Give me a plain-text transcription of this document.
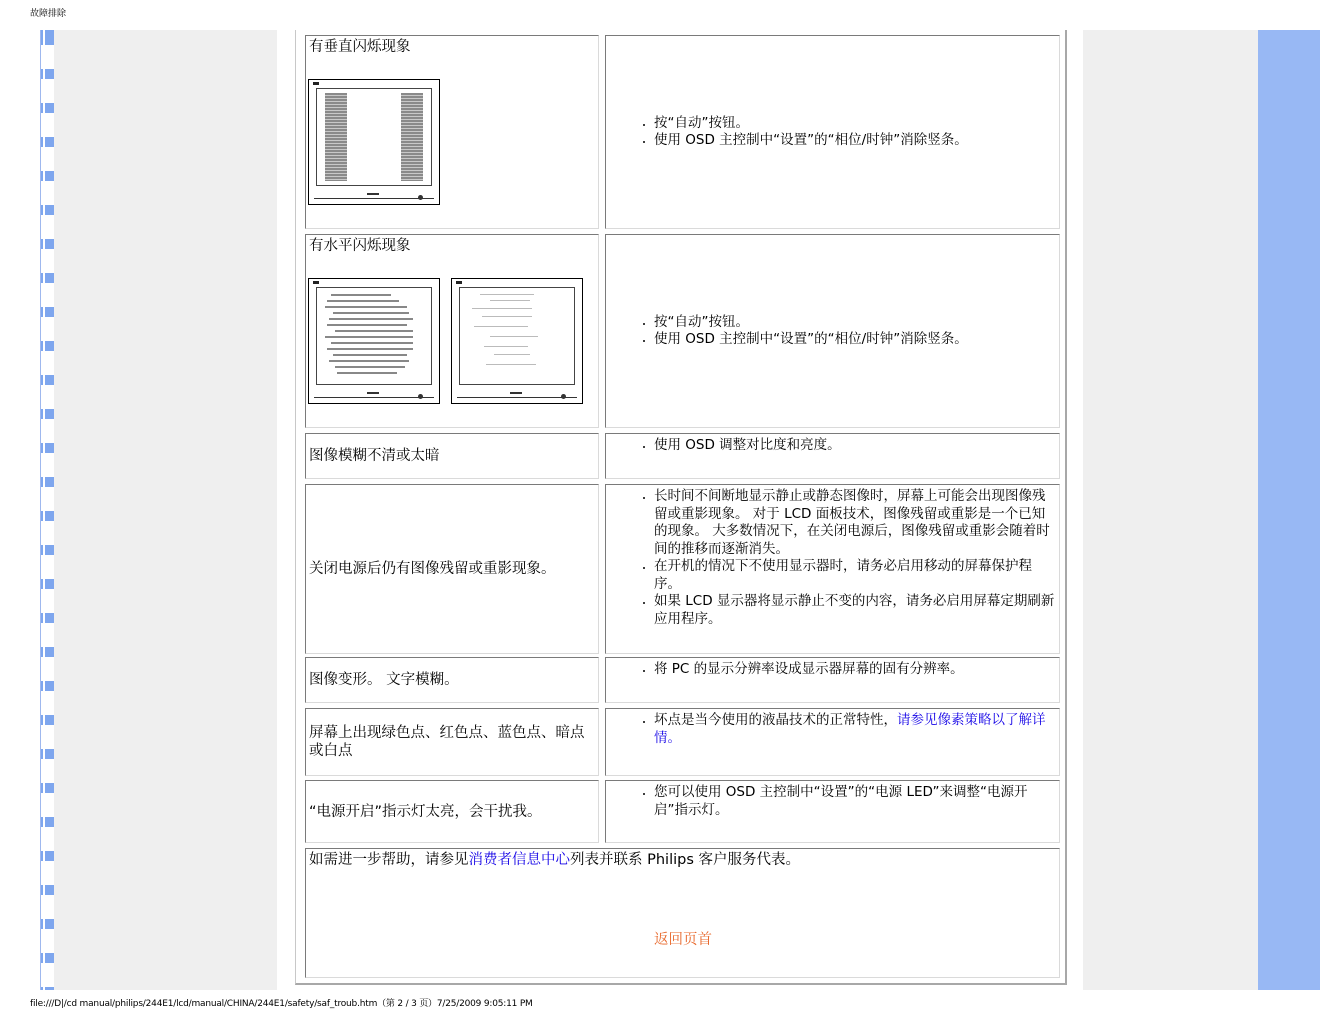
故障排除
有垂直闪烁现象
• 按“自动”按钮。
• 使用 OSD 主控制中“设置”的“相位/时钟”消除竖条。
有水平闪烁现象
• 按“自动”按钮。
• 使用 OSD 主控制中“设置”的“相位/时钟”消除竖条。
图像模糊不清或太暗
• 使用 OSD 调整对比度和亮度。
关闭电源后仍有图像残留或重影现象。
• 长时间不间断地显示静止或静态图像时，屏幕上可能会出现图像残留或重影现象。 对于 LCD 面板技术，图像残留或重影是一个已知的现象。 大多数情况下，在关闭电源后，图像残留或重影会随着时间的推移而逐渐消失。
• 在开机的情况下不使用显示器时，请务必启用移动的屏幕保护程序。
• 如果 LCD 显示器将显示静止不变的内容，请务必启用屏幕定期刷新应用程序。
图像变形。 文字模糊。
• 将 PC 的显示分辨率设成显示器屏幕的固有分辨率。
屏幕上出现绿色点、红色点、蓝色点、暗点或白点
• 坏点是当今使用的液晶技术的正常特性，请参见像素策略以了解详情。
“电源开启”指示灯太亮，会干扰我。
• 您可以使用 OSD 主控制中“设置”的“电源 LED”来调整“电源开启”指示灯。
如需进一步帮助，请参见消费者信息中心列表并联系 Philips 客户服务代表。
返回页首
file:///D|/cd manual/philips/244E1/lcd/manual/CHINA/244E1/safety/saf_troub.htm（第 2 / 3 页）7/25/2009 9:05:11 PM
